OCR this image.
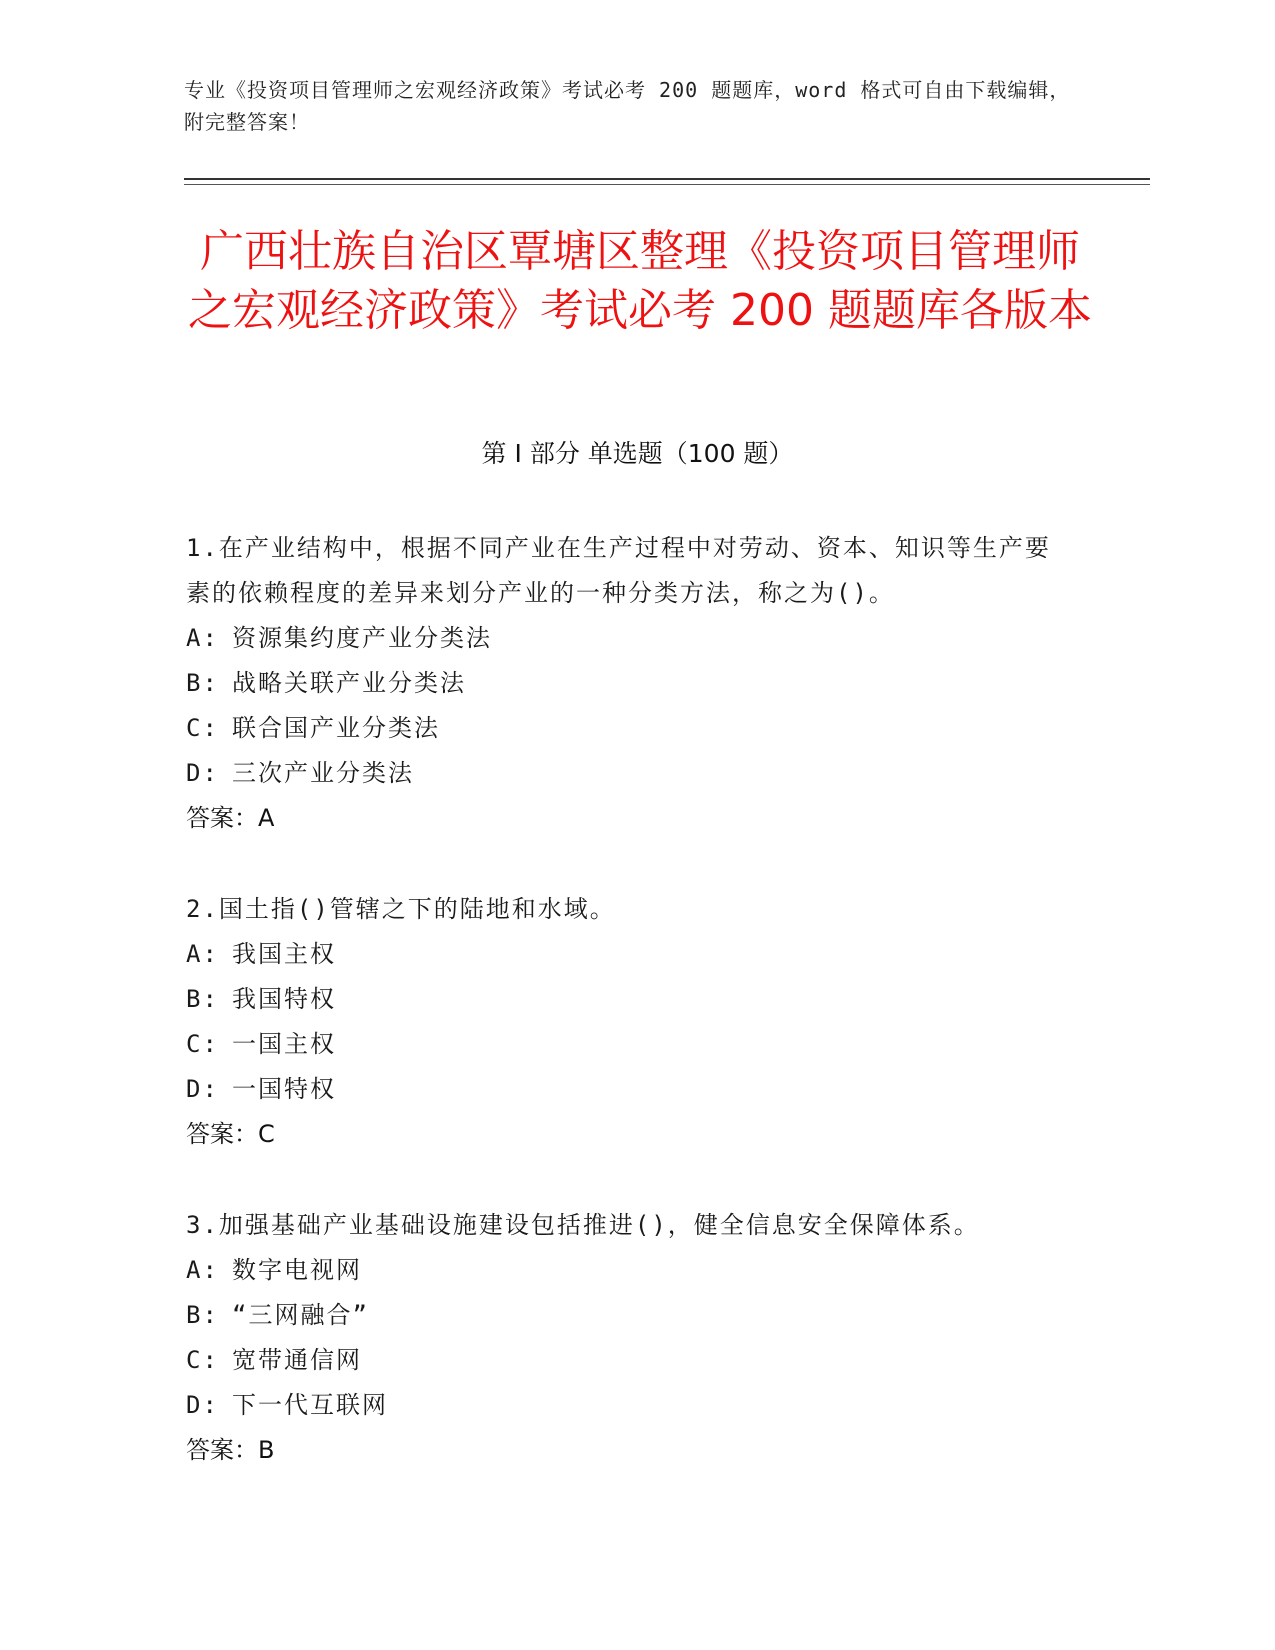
专业《投资项目管理师之宏观经济政策》考试必考 200 题题库，word 格式可自由下载编辑，附完整答案！
广西壮族自治区覃塘区整理《投资项目管理师之宏观经济政策》考试必考 200 题题库各版本
第 I 部分 单选题（100 题）
1.在产业结构中，根据不同产业在生产过程中对劳动、资本、知识等生产要素的依赖程度的差异来划分产业的一种分类方法，称之为()。
A: 资源集约度产业分类法
B: 战略关联产业分类法
C: 联合国产业分类法
D: 三次产业分类法
答案：A
2.国土指()管辖之下的陆地和水域。
A: 我国主权
B: 我国特权
C: 一国主权
D: 一国特权
答案：C
3.加强基础产业基础设施建设包括推进()，健全信息安全保障体系。
A: 数字电视网
B: “三网融合”
C: 宽带通信网
D: 下一代互联网
答案：B
